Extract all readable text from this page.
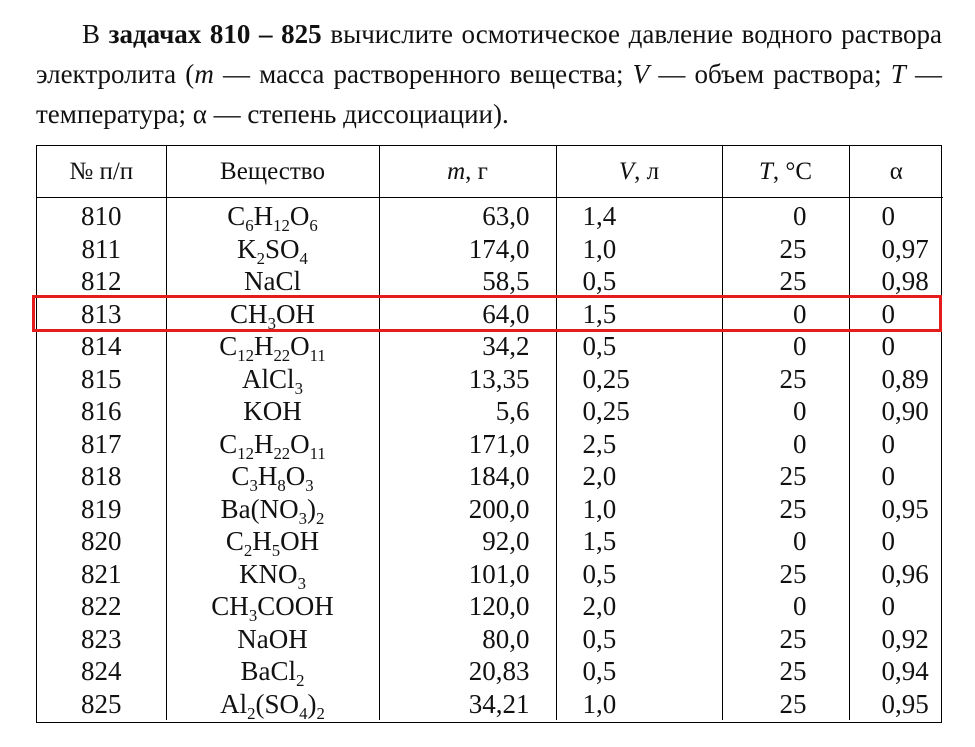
В задачах 810 – 825 вычислите осмотическое давление водного раствора электролита (m — масса растворенного вещества; V — объем раствора; T — температура; α — степень диссоциации).
№ п/п	Вещество	m, г	V, л	T, °С	α
810	$C_6H_{12}O_6$	63,0	1,4	0	0
811	$K_2SO_4$	174,0	1,0	25	0,97
812	NaCl	58,5	0,5	25	0,98
813	$CH_3OH$	64,0	1,5	0	0
814	$C_{12}H_{22}O_{11}$	34,2	0,5	0	0
815	AlCl$_3$	13,35	0,25	25	0,89
816	KOH	5,6	0,25	0	0,90
817	$C_{12}H_{22}O_{11}$	171,0	2,5	0	0
818	$C_3H_8O_3$	184,0	2,0	25	0
819	$Ba(NO_3)_2$	200,0	1,0	25	0,95
820	$C_2H_5OH$	92,0	1,5	0	0
821	$KNO_3$	101,0	0,5	25	0,96
822	$CH_3COOH$	120,0	2,0	0	0
823	NaOH	80,0	0,5	25	0,92
824	BaCl$_2$	20,83	0,5	25	0,94
825	$Al_2(SO_4)_2$	34,21	1,0	25	0,95
